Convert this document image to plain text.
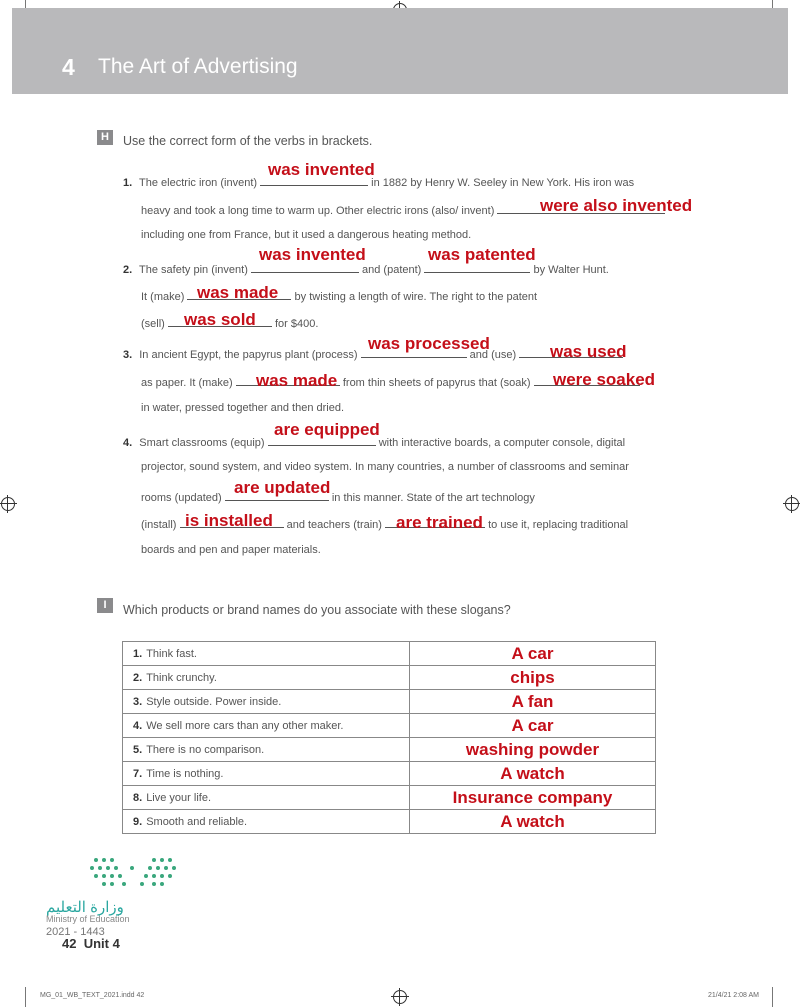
4 The Art of Advertising
H	Use the correct form of the verbs in brackets.
1. The electric iron (invent)	in 1882 by Henry W. Seeley in New York. His iron was
heavy and took a long time to warm up. Other electric irons (also/ invent)
including one from France, but it used a dangerous heating method.
2. The safety pin (invent)	and (patent)	by Walter Hunt.
It (make)	by twisting a length of wire. The right to the patent
(sell)	for $400.
3. In ancient Egypt, the papyrus plant (process)	and (use)
as paper. It (make)	from thin sheets of papyrus that (soak)
in water, pressed together and then dried.
4. Smart classrooms (equip)	with interactive boards, a computer console, digital
projector, sound system, and video system. In many countries, a number of classrooms and seminar
rooms (updated)	in this manner. State of the art technology
(install)	and teachers (train)	to use it, replacing traditional
boards and pen and paper materials.
was invented
were also invented
was invented	was patented
was made
was sold
was processed	was used
was made	were soaked
are equipped
are updated
is installed	are trained
I	Which products or brand names do you associate with these slogans?
1. Think fast.	A car
2. Think crunchy.	chips
3. Style outside. Power inside.	A fan
4. We sell more cars than any other maker.	A car
5. There is no comparison.	washing powder
7. Time is nothing.	A watch
8. Live your life.	Insurance company
9. Smooth and reliable.	A watch
وزارة التعليم
Ministry of Education
2021 - 1443
42 Unit 4
MG_01_WB_TEXT_2021.indd 42	21/4/21 2:08 AM
